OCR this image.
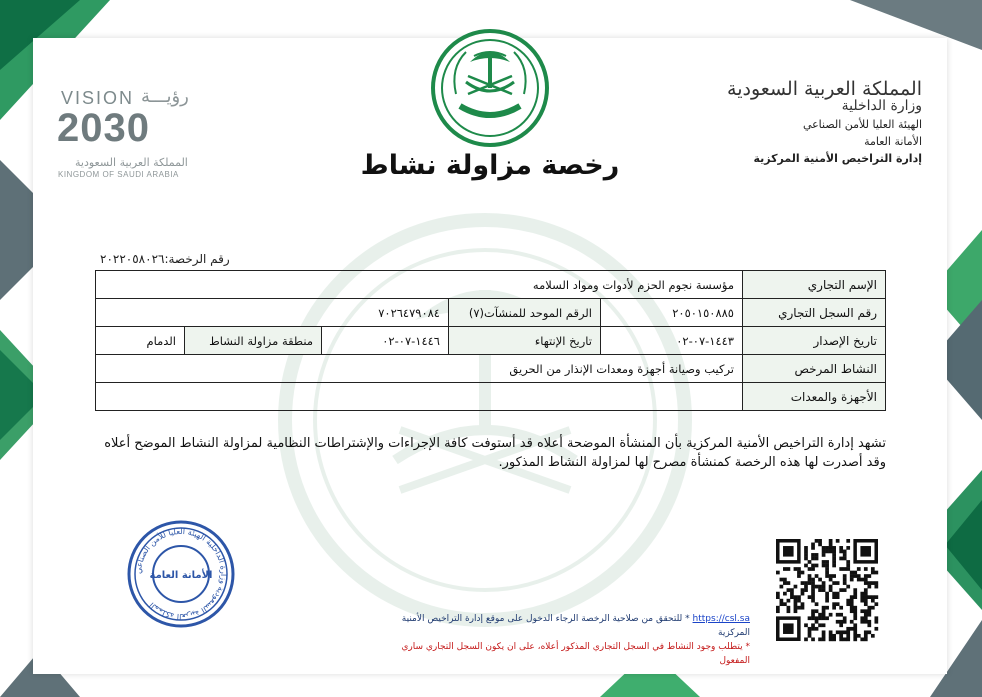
VISION رؤيـــة
2030
المملكة العربية السعودية
KINGDOM OF SAUDI ARABIA	رخصة مزاولة نشاط
المملكة العربية السعودية
وزارة الداخلية
الهيئة العليا للأمن الصناعي
الأمانة العامة
إدارة التراخيص الأمنية المركزية
رقم الرخصة:٢٠٢٢٠٥٨٠٢٦
الإسم التجاري	مؤسسة نجوم الحزم لأدوات ومواد السلامه				
رقم السجل التجاري	٢٠٥٠١٥٠٨٨٥	الرقم الموحد للمنشآت(٧)	٧٠٢٦٤٧٩٠٨٤		
تاريخ الإصدار	١٤٤٣-٠٧-٠٢	تاريخ الإنتهاء	١٤٤٦-٠٧-٠٢	منطقة مزاولة النشاط	الدمام
النشاط المرخص	تركيب وصيانة أجهزة ومعدات الإنذار من الحريق				
الأجهزة والمعدات					
تشهد إدارة التراخيص الأمنية المركزية بأن المنشأة الموضحة أعلاه قد أستوفت كافة الإجراءات والإشتراطات النظامية لمزاولة النشاط الموضح أعلاه وقد أصدرت لها هذه الرخصة كمنشأة مصرح لها لمزاولة النشاط المذكور.
المملكة العربية السعودية وزارة الداخلية الهيئة العليا للأمن الصناعي
الأمانة العامة
https://csl.sa * للتحقق من صلاحية الرخصة الرجاء الدخول على موقع إدارة التراخيص الأمنية المركزية
* يتطلب وجود النشاط في السجل التجاري المذكور أعلاه، على ان يكون السجل التجاري ساري المفعول
